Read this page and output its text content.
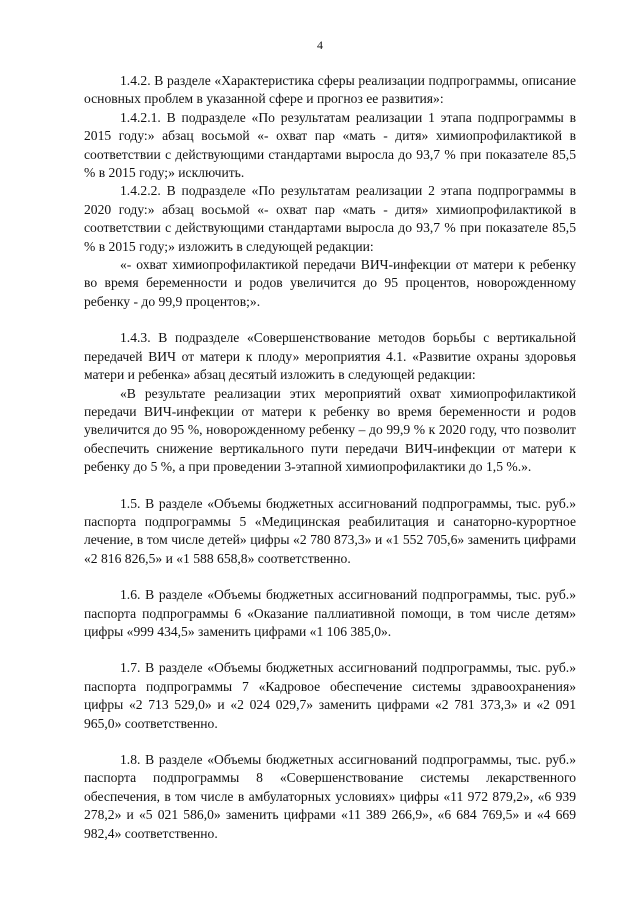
4

1.4.2. В разделе «Характеристика сферы реализации подпрограммы, описание основных проблем в указанной сфере и прогноз ее развития»:

1.4.2.1. В подразделе «По результатам реализации 1 этапа подпрограммы в 2015 году:» абзац восьмой «- охват пар «мать - дитя» химиопрофилактикой в соответствии с действующими стандартами выросла до 93,7 % при показателе 85,5 % в 2015 году;» исключить.

1.4.2.2. В подразделе «По результатам реализации 2 этапа подпрограммы в 2020 году:» абзац восьмой «- охват пар «мать - дитя» химиопрофилактикой в соответствии с действующими стандартами выросла до 93,7 % при показателе 85,5 % в 2015 году;» изложить в следующей редакции:

«- охват химиопрофилактикой передачи ВИЧ-инфекции от матери к ребенку во время беременности и родов увеличится до 95 процентов, новорожденному ребенку - до 99,9 процентов;».

1.4.3. В подразделе «Совершенствование методов борьбы с вертикальной передачей ВИЧ от матери к плоду» мероприятия 4.1. «Развитие охраны здоровья матери и ребенка» абзац десятый изложить в следующей редакции:

«В результате реализации этих мероприятий охват химиопрофилактикой передачи ВИЧ-инфекции от матери к ребенку во время беременности и родов увеличится до 95 %, новорожденному ребенку – до 99,9 % к 2020 году, что позволит обеспечить снижение вертикального пути передачи ВИЧ-инфекции от матери к ребенку до 5 %, а при проведении 3-этапной химиопрофилактики до 1,5 %.».

1.5. В разделе «Объемы бюджетных ассигнований подпрограммы, тыс. руб.» паспорта подпрограммы 5 «Медицинская реабилитация и санаторно-курортное лечение, в том числе детей» цифры «2 780 873,3» и «1 552 705,6» заменить цифрами «2 816 826,5» и «1 588 658,8» соответственно.

1.6. В разделе «Объемы бюджетных ассигнований подпрограммы, тыс. руб.» паспорта подпрограммы 6 «Оказание паллиативной помощи, в том числе детям» цифры «999 434,5» заменить цифрами «1 106 385,0».

1.7. В разделе «Объемы бюджетных ассигнований подпрограммы, тыс. руб.» паспорта подпрограммы 7 «Кадровое обеспечение системы здравоохранения» цифры «2 713 529,0» и «2 024 029,7» заменить цифрами «2 781 373,3» и «2 091 965,0» соответственно.

1.8. В разделе «Объемы бюджетных ассигнований подпрограммы, тыс. руб.» паспорта подпрограммы 8 «Совершенствование системы лекарственного обеспечения, в том числе в амбулаторных условиях» цифры «11 972 879,2», «6 939 278,2» и «5 021 586,0» заменить цифрами «11 389 266,9», «6 684 769,5» и «4 669 982,4» соответственно.
